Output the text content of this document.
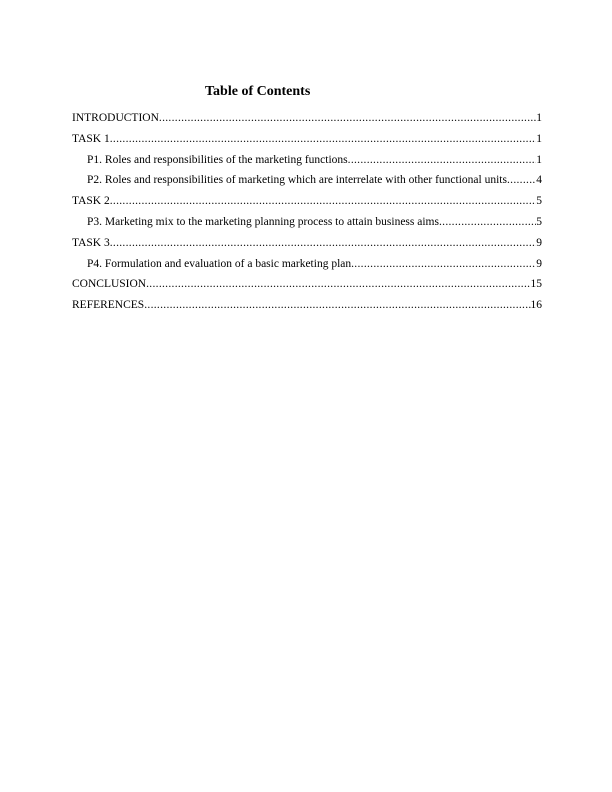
Table of Contents
INTRODUCTION .....	1
TASK 1 .....	1
P1. Roles and responsibilities of the marketing functions .....	1
P2. Roles and responsibilities of marketing which are interrelate with other functional units .....	4
TASK 2 .....	5
P3. Marketing mix to the marketing planning process to attain business aims .....	5
TASK 3 .....	9
P4. Formulation and evaluation of a basic marketing plan .....	9
CONCLUSION .....	15
REFERENCES .....	16
